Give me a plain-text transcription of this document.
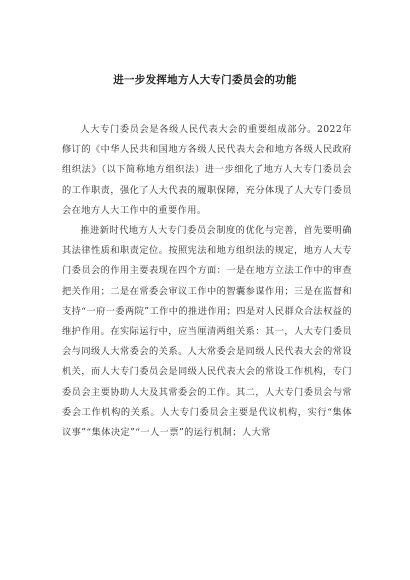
进一步发挥地方人大专门委员会的功能

人大专门委员会是各级人民代表大会的重要组成部分。2022年修订的《中华人民共和国地方各级人民代表大会和地方各级人民政府组织法》（以下简称地方组织法）进一步细化了地方人大专门委员会的工作职责，强化了人大代表的履职保障，充分体现了人大专门委员会在地方人大工作中的重要作用。

推进新时代地方人大专门委员会制度的优化与完善，首先要明确其法律性质和职责定位。按照宪法和地方组织法的规定，地方人大专门委员会的作用主要表现在四个方面：一是在地方立法工作中的审查把关作用；二是在常委会审议工作中的智囊参谋作用；三是在监督和支持“一府一委两院”工作中的推进作用；四是对人民群众合法权益的维护作用。在实际运行中，应当厘清两组关系：其一，人大专门委员会与同级人大常委会的关系。人大常委会是同级人民代表大会的常设机关，而人大专门委员会是同级人民代表大会的常设工作机构，专门委员会主要协助人大及其常委会的工作。其二，人大专门委员会与常委会工作机构的关系。人大专门委员会主要是代议机构，实行“集体议事”“集体决定”“一人一票”的运行机制；人大常
